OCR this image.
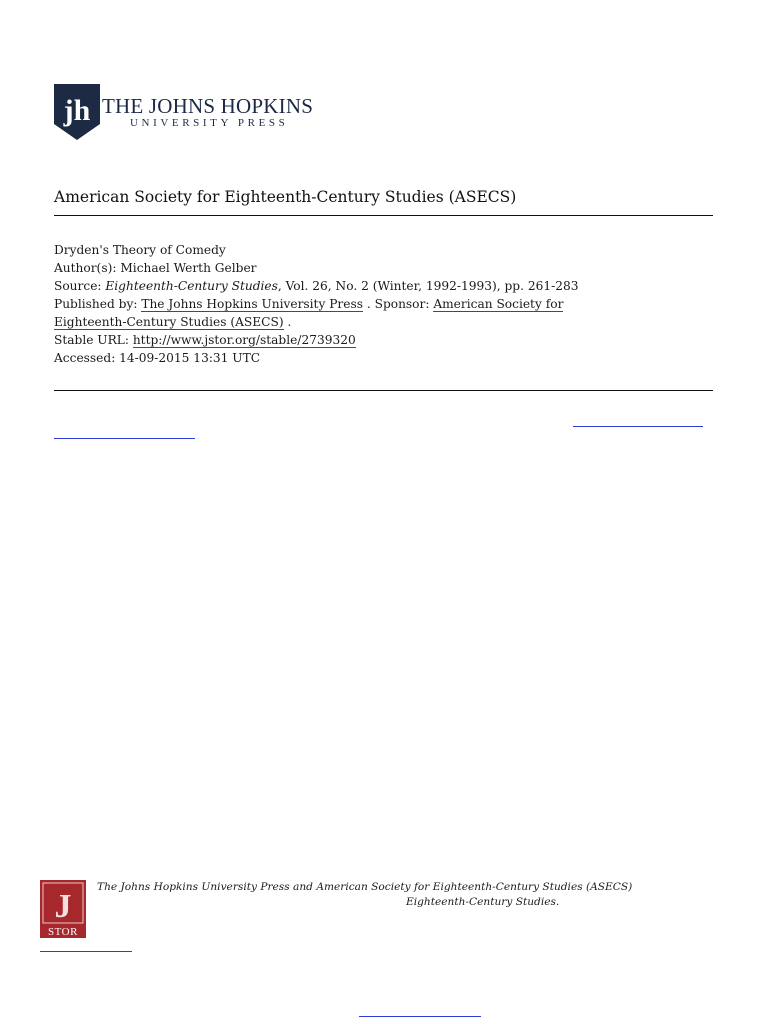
jh THE JOHNS HOPKINS
UNIVERSITY PRESS
American Society for Eighteenth-Century Studies (ASECS)
Dryden's Theory of Comedy
Author(s): Michael Werth Gelber
Source: Eighteenth-Century Studies, Vol. 26, No. 2 (Winter, 1992-1993), pp. 261-283
Published by: The Johns Hopkins University Press . Sponsor: American Society for
Eighteenth-Century Studies (ASECS) .
Stable URL: http://www.jstor.org/stable/2739320
Accessed: 14-09-2015 13:31 UTC
J
STOR
The Johns Hopkins University Press and American Society for Eighteenth-Century Studies (ASECS)
Eighteenth-Century Studies.
